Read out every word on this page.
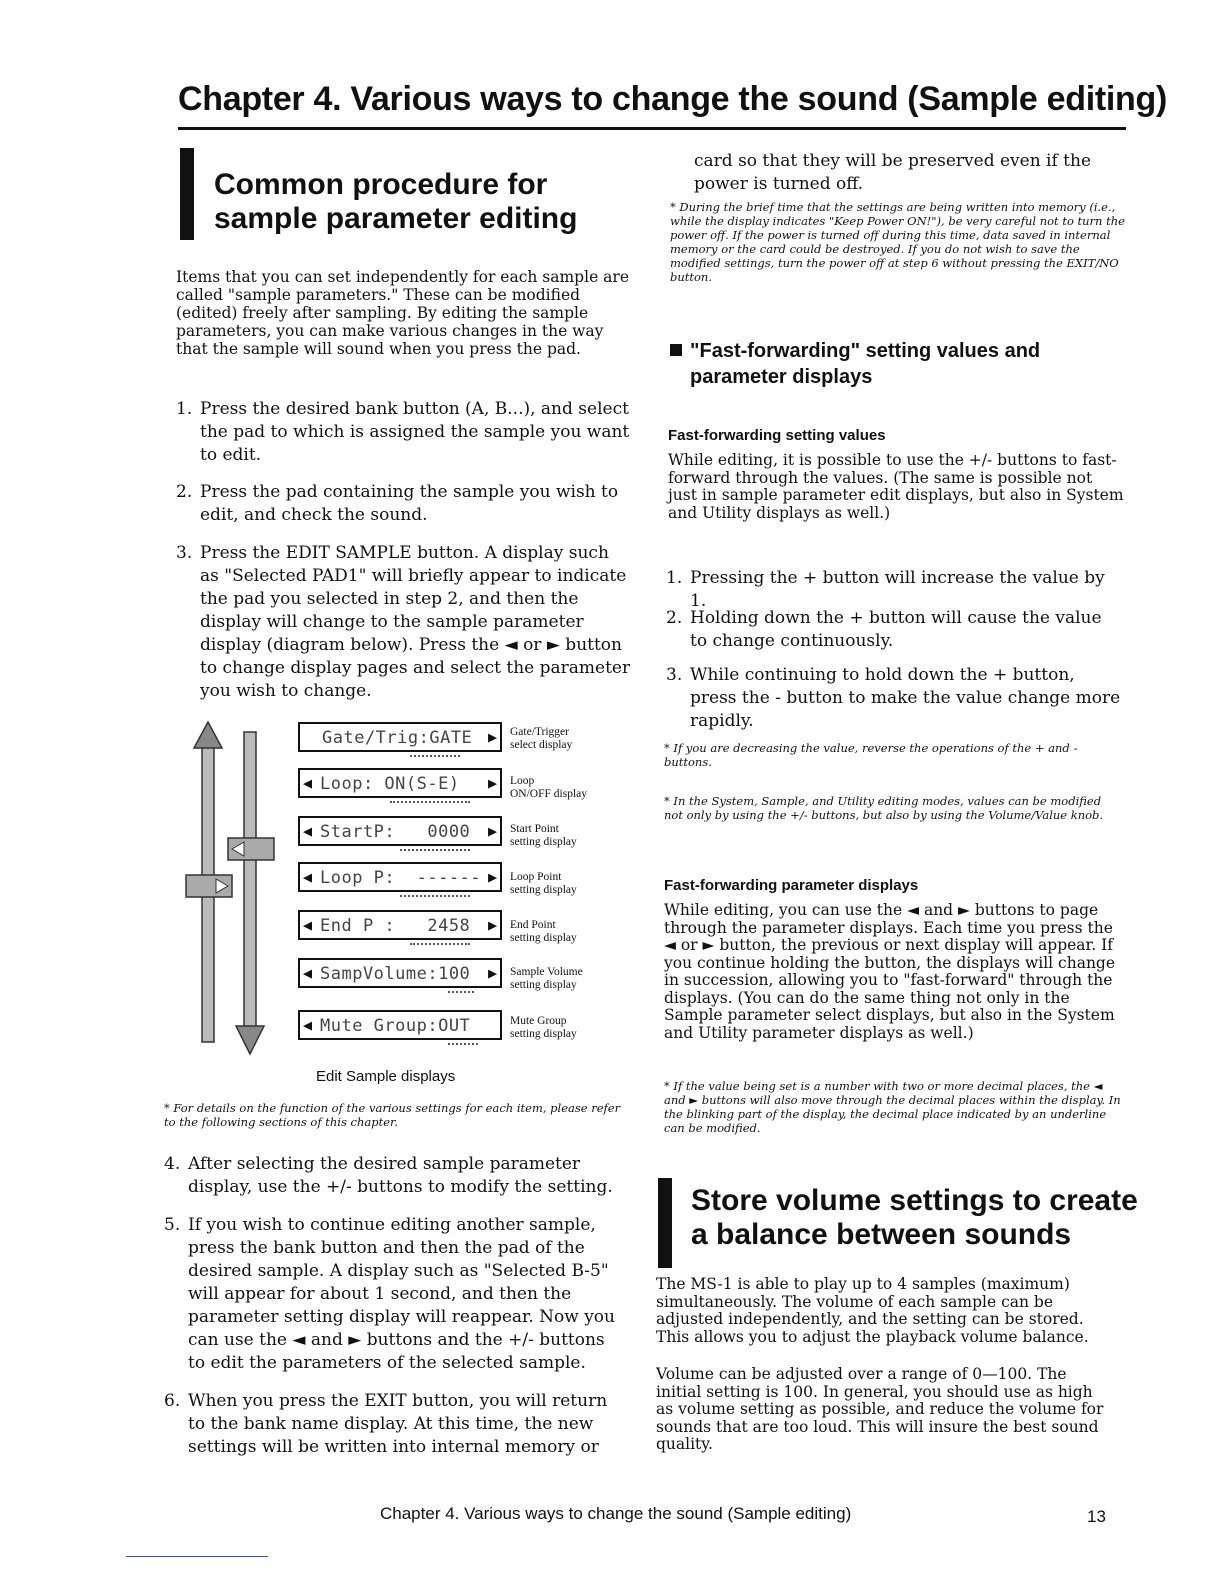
Chapter 4. Various ways to change the sound (Sample editing)
Common procedure for
sample parameter editing
Items that you can set independently for each sample are called "sample parameters." These can be modified (edited) freely after sampling. By editing the sample parameters, you can make various changes in the way that the sample will sound when you press the pad.
1. Press the desired bank button (A, B...), and select the pad to which is assigned the sample you want to edit.
2. Press the pad containing the sample you wish to edit, and check the sound.
3. Press the EDIT SAMPLE button. A display such as "Selected PAD1" will briefly appear to indicate the pad you selected in step 2, and then the display will change to the sample parameter display (diagram below). Press the ◄ or ► button to change display pages and select the parameter you wish to change.
Gate/Trig:GATE ▶ Gate/Trigger
select display
◀ Loop: ON(S-E) ▶ Loop
ON/OFF display
◀ StartP:   0000 ▶ Start Point
setting display
◀ Loop P:  ------ ▶ Loop Point
setting display
◀ End P :   2458 ▶ End Point
setting display
◀ SampVolume:100 ▶ Sample Volume
setting display
◀ Mute Group:OUT	Mute Group
setting display
Edit Sample displays
* For details on the function of the various settings for each item, please refer to the following sections of this chapter.
4. After selecting the desired sample parameter display, use the +/- buttons to modify the setting.
5. If you wish to continue editing another sample, press the bank button and then the pad of the desired sample. A display such as "Selected B-5" will appear for about 1 second, and then the parameter setting display will reappear. Now you can use the ◄ and ► buttons and the +/- buttons to edit the parameters of the selected sample.
6. When you press the EXIT button, you will return to the bank name display. At this time, the new settings will be written into internal memory or
card so that they will be preserved even if the power is turned off.
* During the brief time that the settings are being written into memory (i.e., while the display indicates "Keep Power ON!"), be very careful not to turn the power off. If the power is turned off during this time, data saved in internal memory or the card could be destroyed. If you do not wish to save the modified settings, turn the power off at step 6 without pressing the EXIT/NO button.
"Fast-forwarding" setting values and parameter displays
Fast-forwarding setting values
While editing, it is possible to use the +/- buttons to fast-forward through the values. (The same is possible not just in sample parameter edit displays, but also in System and Utility displays as well.)
1. Pressing the + button will increase the value by 1.
2. Holding down the + button will cause the value to change continuously.
3. While continuing to hold down the + button, press the - button to make the value change more rapidly.
* If you are decreasing the value, reverse the operations of the + and - buttons.
* In the System, Sample, and Utility editing modes, values can be modified not only by using the +/- buttons, but also by using the Volume/Value knob.
Fast-forwarding parameter displays
While editing, you can use the ◄ and ► buttons to page through the parameter displays. Each time you press the ◄ or ► button, the previous or next display will appear. If you continue holding the button, the displays will change in succession, allowing you to "fast-forward" through the displays. (You can do the same thing not only in the Sample parameter select displays, but also in the System and Utility parameter displays as well.)
* If the value being set is a number with two or more decimal places, the ◄ and ► buttons will also move through the decimal places within the display. In the blinking part of the display, the decimal place indicated by an underline can be modified.
Store volume settings to create
a balance between sounds
The MS-1 is able to play up to 4 samples (maximum) simultaneously. The volume of each sample can be adjusted independently, and the setting can be stored. This allows you to adjust the playback volume balance.
Volume can be adjusted over a range of 0—100. The initial setting is 100. In general, you should use as high as volume setting as possible, and reduce the volume for sounds that are too loud. This will insure the best sound quality.
Chapter 4. Various ways to change the sound (Sample editing)	13
